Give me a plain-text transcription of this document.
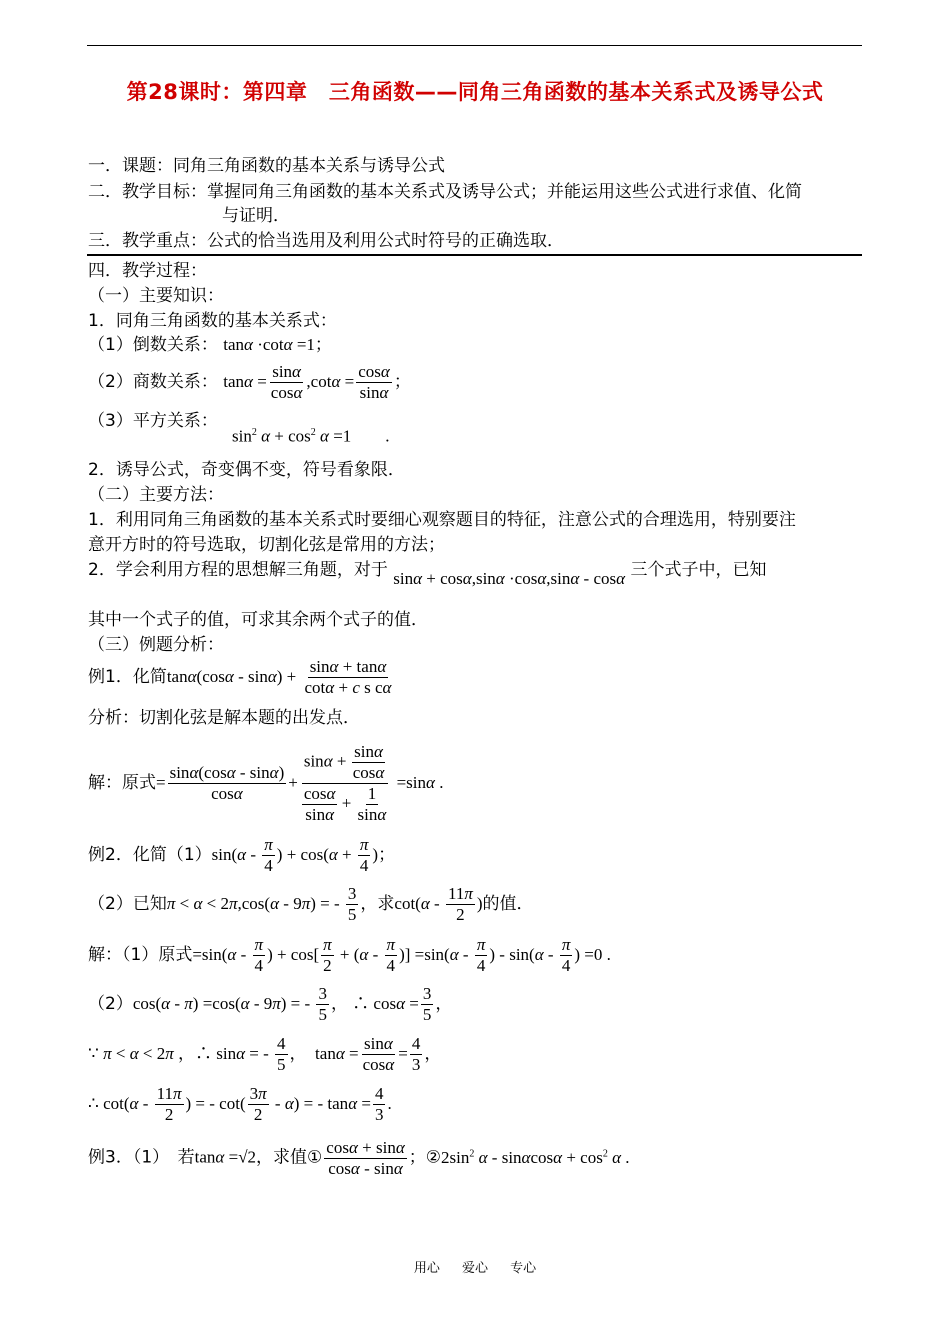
第28课时：第四章　三角函数——同角三角函数的基本关系式及诱导公式
一．课题：同角三角函数的基本关系与诱导公式
二．教学目标：掌握同角三角函数的基本关系式及诱导公式；并能运用这些公式进行求值、化简
与证明．
三．教学重点：公式的恰当选用及利用公式时符号的正确选取．
四．教学过程：
（一）主要知识：
1．同角三角函数的基本关系式：
（1）倒数关系： tanα ·cotα =1；
（2）商数关系： $\tan\alpha = \frac{\sin\alpha}{\cos\alpha} ,\cot\alpha = \frac{\cos\alpha}{\sin\alpha}$ ；
（3）平方关系：
$\sin^2 \alpha + \cos^2 \alpha =1$　　.
2．诱导公式，奇变偶不变，符号看象限．
（二）主要方法：
1．利用同角三角函数的基本关系式时要细心观察题目的特征，注意公式的合理选用，特别要注
意开方时的符号选取，切割化弦是常用的方法；
2．学会利用方程的思想解三角题，对于 sinα + cosα,sinα ·cosα,sinα - cosα 三个式子中，已知
其中一个式子的值，可求其余两个式子的值．
（三）例题分析：
例1．化简$\tan\alpha(\cos\alpha - \sin\alpha) + \frac{\sin\alpha + \tan\alpha}{\text{cotα + c s cα}}$
分析：切割化弦是解本题的出发点．
解：原式= $\frac{\sin\alpha(\cos\alpha - \sin\alpha)}{\cos\alpha} + \frac{\sin\alpha + \frac{\sin\alpha}{\cos\alpha}}{\frac{\cos\alpha}{\sin\alpha} + \frac{1}{\sin\alpha}} =\sin\alpha$ .
例2．化简$(1)\sin(\alpha - \frac{\pi}{4}$ ) + $\cos(\alpha + \frac{\pi}{4}$ )；
（2）已知π < α < 2π,cos(α - 9π) = - $\frac{3}{5}$ ，求$\cot(\alpha - \frac{11\pi}{2}$ )的值．
解：（1）原式$=\sin(\alpha - \frac{\pi}{4}$ ) + $\cos[ \frac{\pi}{2} + (\alpha - \frac{\pi}{4}$ )] $=\sin(\alpha - \frac{\pi}{4}$ ) - $\sin(\alpha - \frac{\pi}{4}$ ) =0 .
（2）cos(α - π) =cos(α - 9π) = - $\frac{3}{5}$ ， ∴ $\cos\alpha = \frac{3}{5}$ ，
∵ π < α < 2π ，∴ sinα = - $\frac{4}{5}$ ，　$\tan\alpha = \frac{\sin\alpha}{\cos\alpha} = \frac{4}{3}$ ，
∴ $\cot(\alpha - \frac{11\pi}{2}$ ) = - $\cot( \frac{3\pi}{2} - \alpha)$ = - $\tan\alpha = \frac{4}{3}$ .
例3．（1）　若tanα =√2，求值① $\frac{\cos\alpha + \sin\alpha}{\cos\alpha - \sin\alpha}$ ；$②2\sin^2$ $\alpha - \sin\alpha\cos\alpha + \cos^2 \alpha$ .
用心 爱心 专心
